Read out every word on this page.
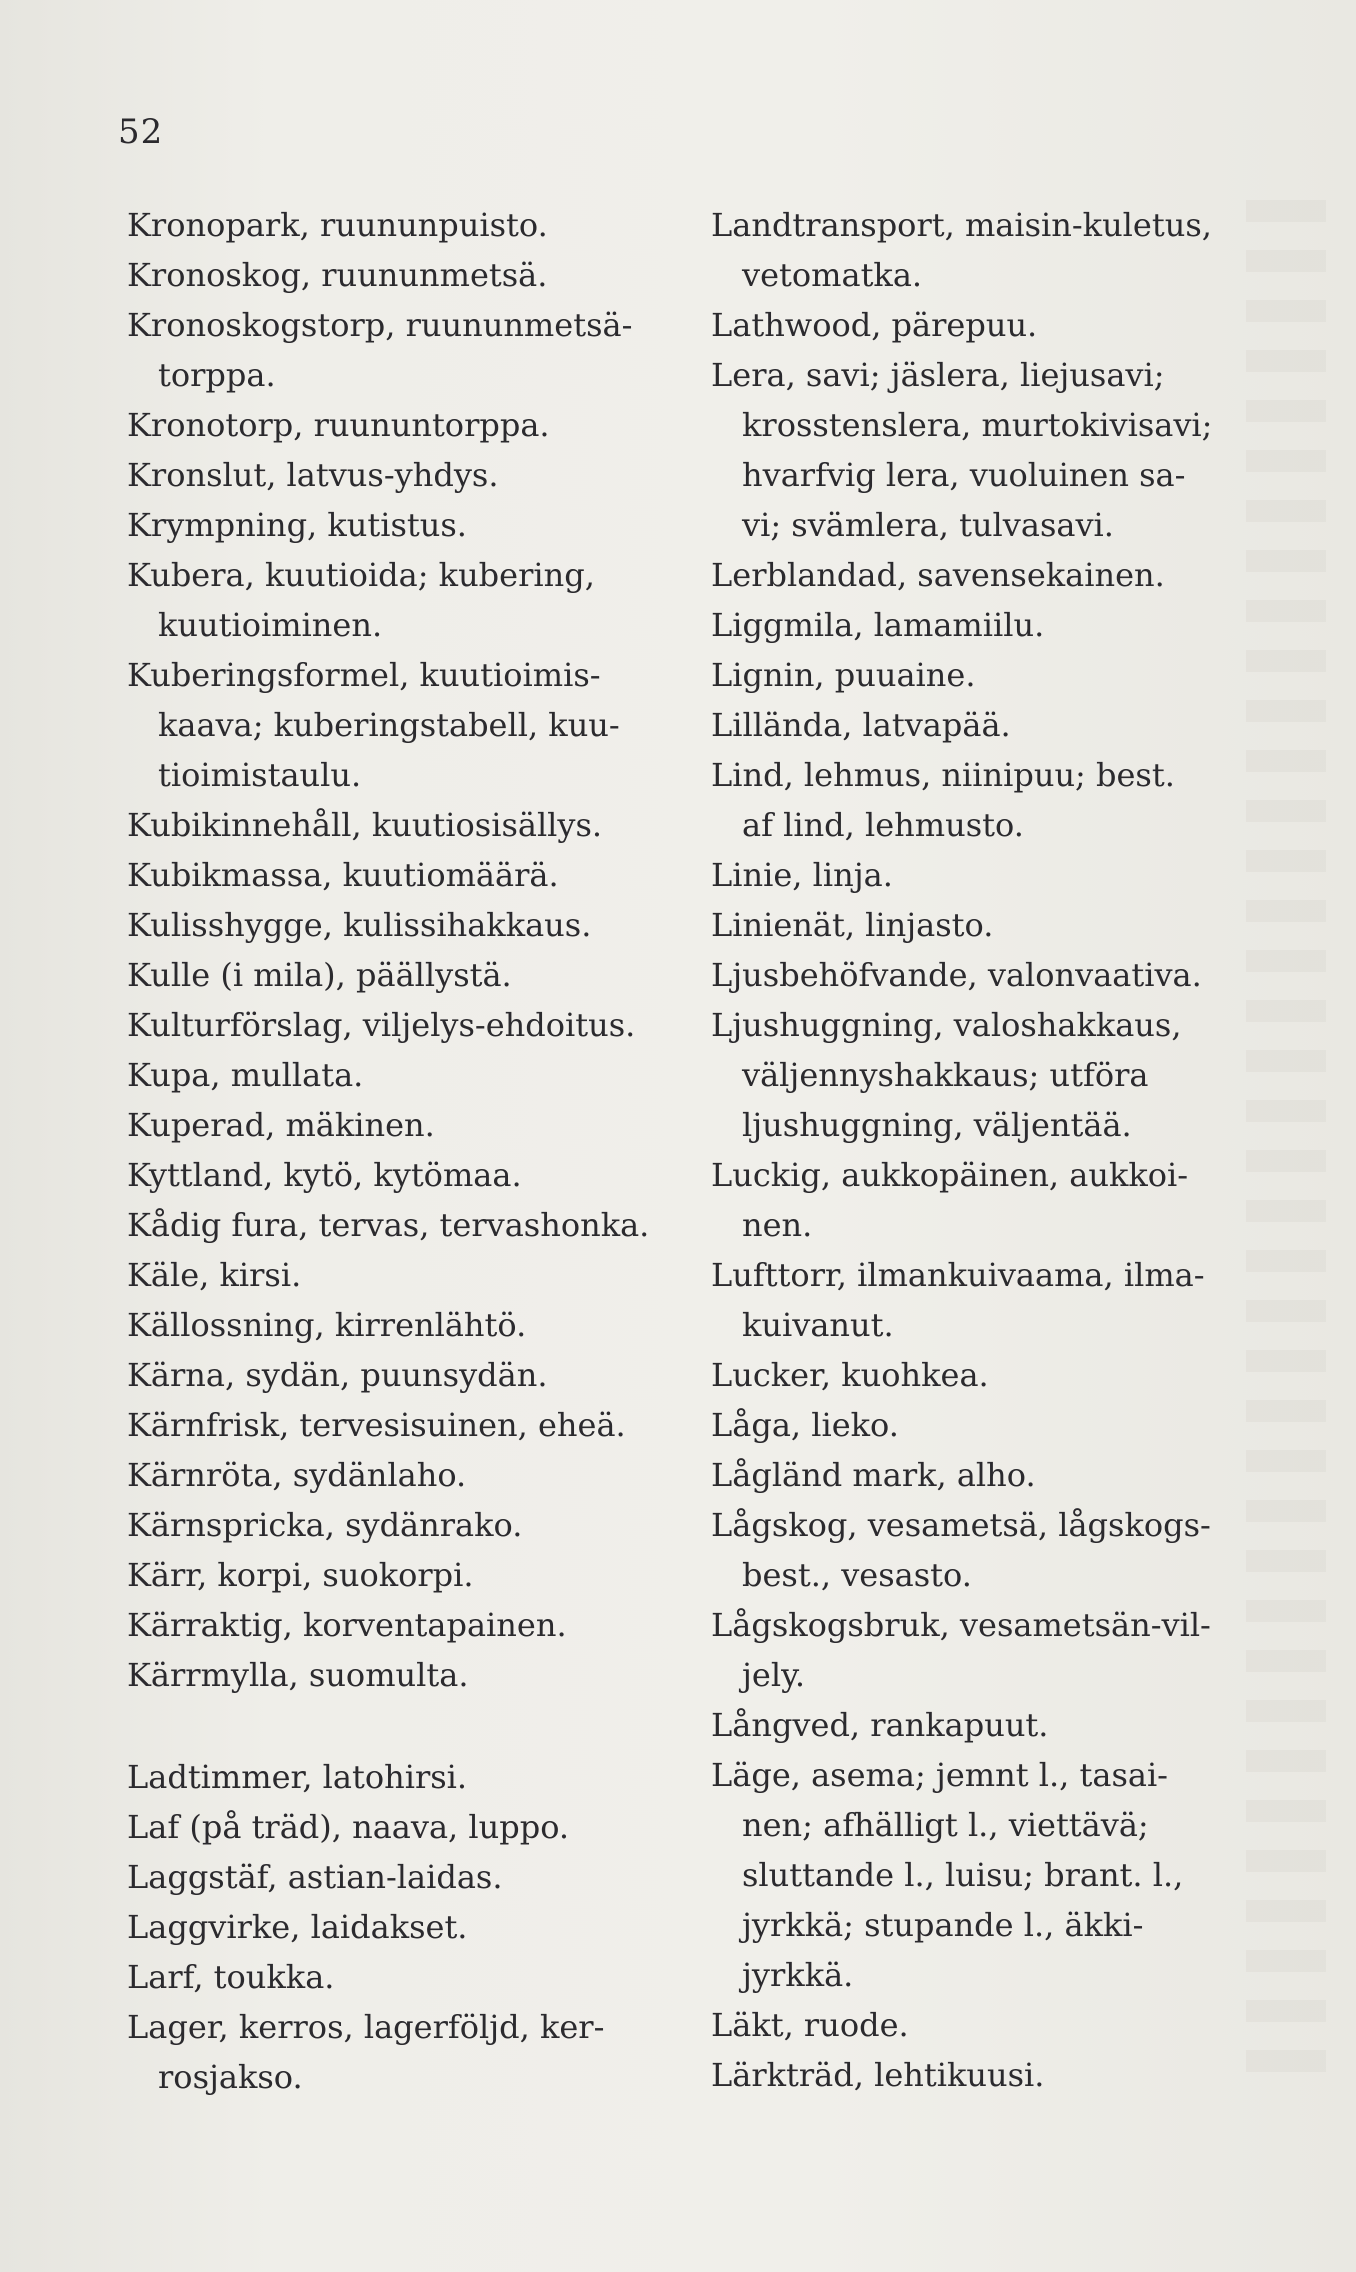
52
Kronopark, ruununpuisto.
Kronoskog, ruununmetsä.
Kronoskogstorp, ruununmetsä-
torppa.
Kronotorp, ruununtorppa.
Kronslut, latvus-yhdys.
Krympning, kutistus.
Kubera, kuutioida; kubering,
kuutioiminen.
Kuberingsformel, kuutioimis-
kaava; kuberingstabell, kuu-
tioimistaulu.
Kubikinnehåll, kuutiosisällys.
Kubikmassa, kuutiomäärä.
Kulisshygge, kulissihakkaus.
Kulle (i mila), päällystä.
Kulturförslag, viljelys-ehdoitus.
Kupa, mullata.
Kuperad, mäkinen.
Kyttland, kytö, kytömaa.
Kådig fura, tervas, tervashonka.
Käle, kirsi.
Källossning, kirrenlähtö.
Kärna, sydän, puunsydän.
Kärnfrisk, tervesisuinen, eheä.
Kärnröta, sydänlaho.
Kärnspricka, sydänrako.
Kärr, korpi, suokorpi.
Kärraktig, korventapainen.
Kärrmylla, suomulta.
Ladtimmer, latohirsi.
Laf (på träd), naava, luppo.
Laggstäf, astian-laidas.
Laggvirke, laidakset.
Larf, toukka.
Lager, kerros, lagerföljd, ker-
rosjakso.
Landtransport, maisin-kuletus,
vetomatka.
Lathwood, pärepuu.
Lera, savi; jäslera, liejusavi;
krosstenslera, murtokivisavi;
hvarfvig lera, vuoluinen sa-
vi; svämlera, tulvasavi.
Lerblandad, savensekainen.
Liggmila, lamamiilu.
Lignin, puuaine.
Lillända, latvapää.
Lind, lehmus, niinipuu; best.
af lind, lehmusto.
Linie, linja.
Linienät, linjasto.
Ljusbehöfvande, valonvaativa.
Ljushuggning, valoshakkaus,
väljennyshakkaus; utföra
ljushuggning, väljentää.
Luckig, aukkopäinen, aukkoi-
nen.
Lufttorr, ilmankuivaama, ilma-
kuivanut.
Lucker, kuohkea.
Låga, lieko.
Lågländ mark, alho.
Lågskog, vesametsä, lågskogs-
best., vesasto.
Lågskogsbruk, vesametsän-vil-
jely.
Långved, rankapuut.
Läge, asema; jemnt l., tasai-
nen; afhälligt l., viettävä;
sluttande l., luisu; brant. l.,
jyrkkä; stupande l., äkki-
jyrkkä.
Läkt, ruode.
Lärkträd, lehtikuusi.
